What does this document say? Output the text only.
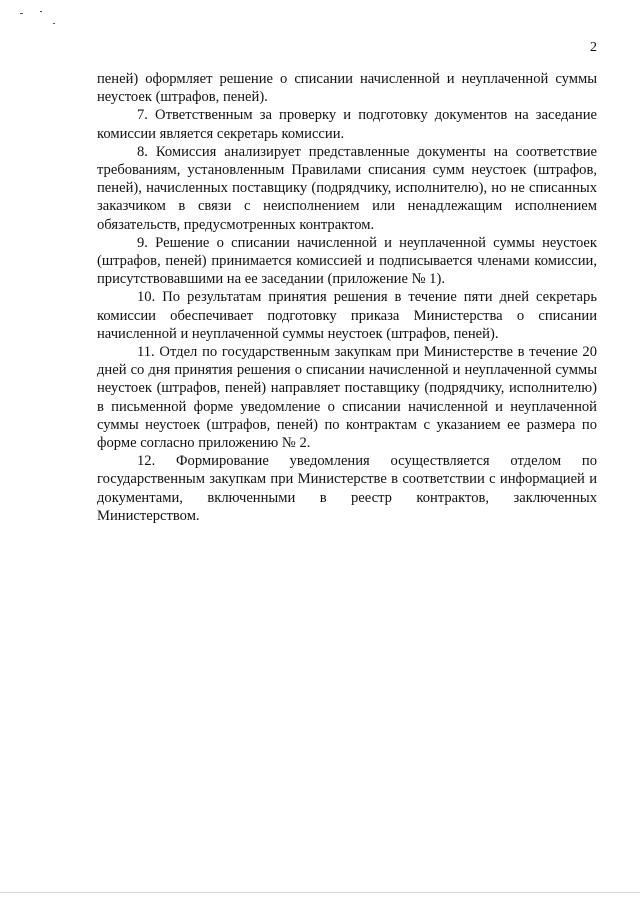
2

пеней) оформляет решение о списании начисленной и неуплаченной суммы неустоек (штрафов, пеней).

7. Ответственным за проверку и подготовку документов на заседание комиссии является секретарь комиссии.

8. Комиссия анализирует представленные документы на соответствие требованиям, установленным Правилами списания сумм неустоек (штрафов, пеней), начисленных поставщику (подрядчику, исполнителю), но не списанных заказчиком в связи с неисполнением или ненадлежащим исполнением обязательств, предусмотренных контрактом.

9. Решение о списании начисленной и неуплаченной суммы неустоек (штрафов, пеней) принимается комиссией и подписывается членами комиссии, присутствовавшими на ее заседании (приложение № 1).

10. По результатам принятия решения в течение пяти дней секретарь комиссии обеспечивает подготовку приказа Министерства о списании начисленной и неуплаченной суммы неустоек (штрафов, пеней).

11. Отдел по государственным закупкам при Министерстве в течение 20 дней со дня принятия решения о списании начисленной и неуплаченной суммы неустоек (штрафов, пеней) направляет поставщику (подрядчику, исполнителю) в письменной форме уведомление о списании начисленной и неуплаченной суммы неустоек (штрафов, пеней) по контрактам с указанием ее размера по форме согласно приложению № 2.

12. Формирование уведомления осуществляется отделом по государственным закупкам при Министерстве в соответствии с информацией и документами, включенными в реестр контрактов, заключенных Министерством.
